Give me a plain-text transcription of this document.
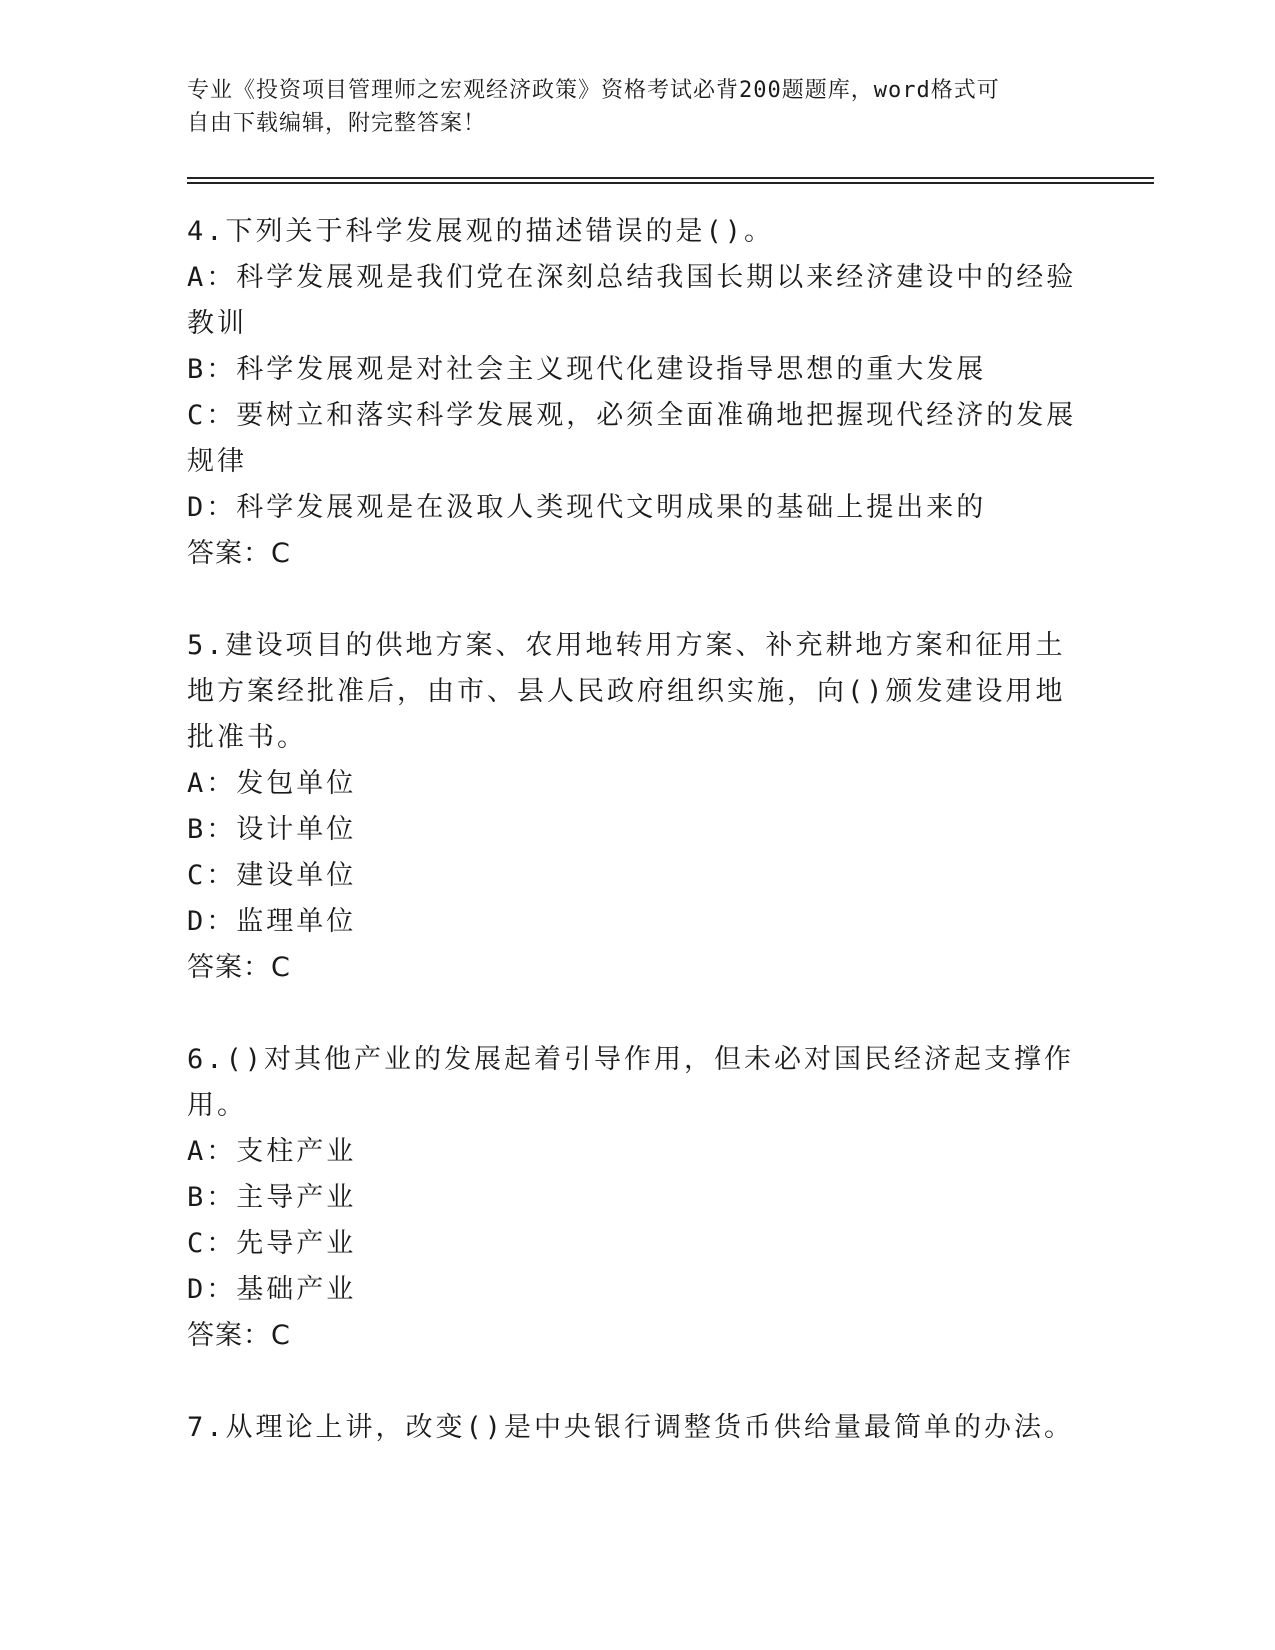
专业《投资项目管理师之宏观经济政策》资格考试必背200题题库，word格式可
自由下载编辑，附完整答案！
4.下列关于科学发展观的描述错误的是()。
A：科学发展观是我们党在深刻总结我国长期以来经济建设中的经验教训
B：科学发展观是对社会主义现代化建设指导思想的重大发展
C：要树立和落实科学发展观，必须全面准确地把握现代经济的发展规律
D：科学发展观是在汲取人类现代文明成果的基础上提出来的
答案：C
5.建设项目的供地方案、农用地转用方案、补充耕地方案和征用土地方案经批准后，由市、县人民政府组织实施，向()颁发建设用地批准书。
A：发包单位
B：设计单位
C：建设单位
D：监理单位
答案：C
6.()对其他产业的发展起着引导作用，但未必对国民经济起支撑作用。
A：支柱产业
B：主导产业
C：先导产业
D：基础产业
答案：C
7.从理论上讲，改变()是中央银行调整货币供给量最简单的办法。
